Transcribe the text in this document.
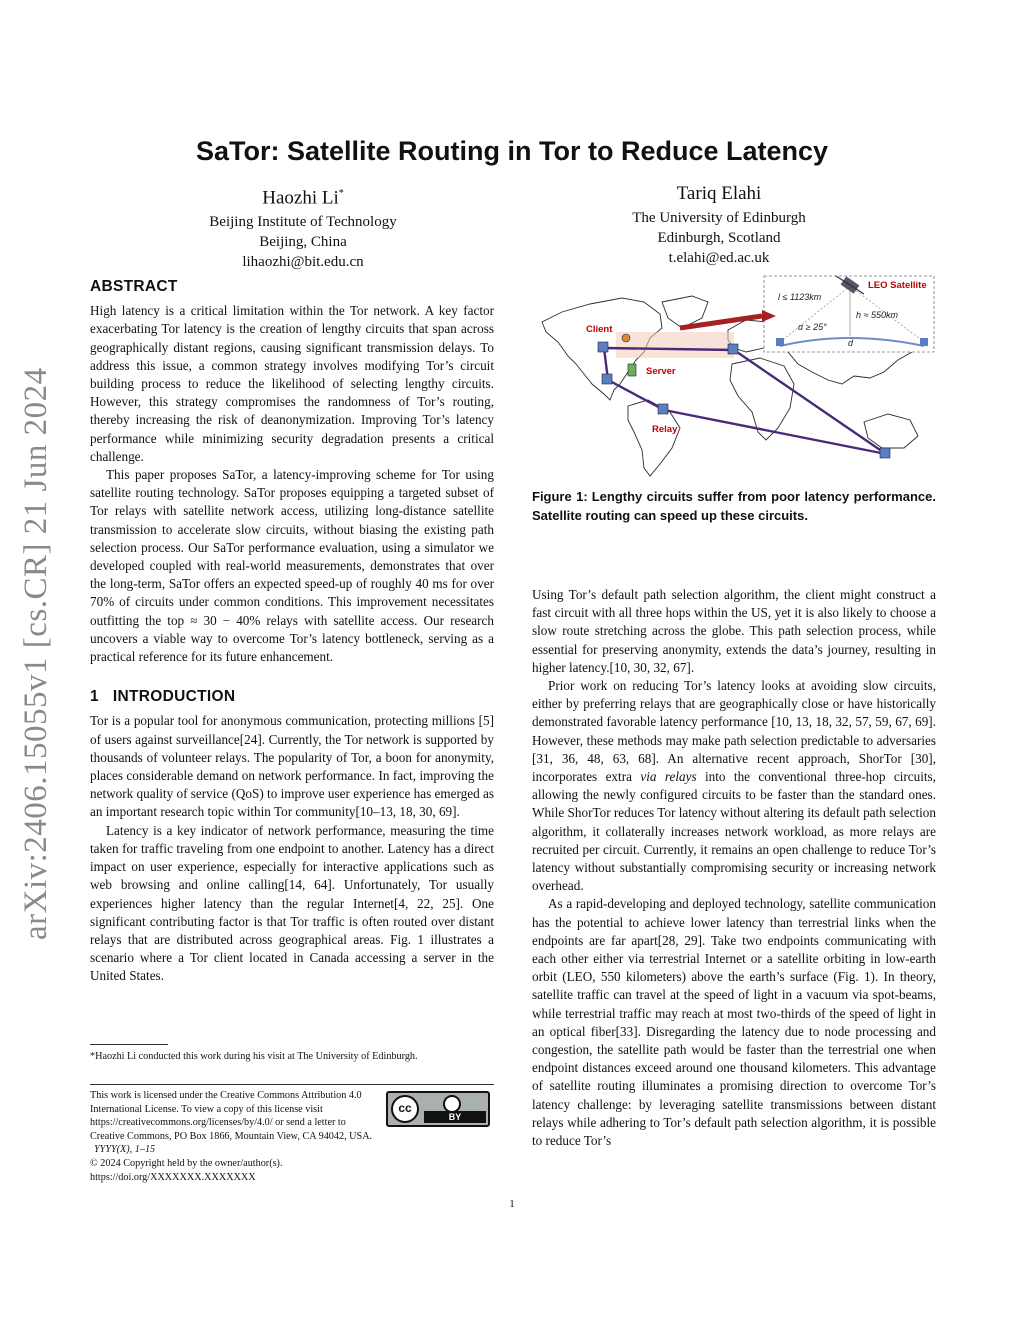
arXiv:2406.15055v1 [cs.CR] 21 Jun 2024
SaTor: Satellite Routing in Tor to Reduce Latency
Haozhi Li*
Beijing Institute of Technology
Beijing, China
lihaozhi@bit.edu.cn
Tariq Elahi
The University of Edinburgh
Edinburgh, Scotland
t.elahi@ed.ac.uk
ABSTRACT

High latency is a critical limitation within the Tor network. A key factor exacerbating Tor latency is the creation of lengthy circuits that span across geographically distant regions, causing significant transmission delays. To address this issue, a common strategy involves modifying Tor’s circuit building process to reduce the likelihood of selecting lengthy circuits. However, this strategy compromises the randomness of Tor’s routing, thereby increasing the risk of deanonymization. Improving Tor’s latency performance while minimizing security degradation presents a critical challenge.

This paper proposes SaTor, a latency-improving scheme for Tor using satellite routing technology. SaTor proposes equipping a targeted subset of Tor relays with satellite network access, utilizing long-distance satellite transmission to accelerate slow circuits, without biasing the existing path selection process. Our SaTor performance evaluation, using a simulator we developed coupled with real-world measurements, demonstrates that over the long-term, SaTor offers an expected speed-up of roughly 40 ms for over 70% of circuits under common conditions. This improvement necessitates outfitting the top ≈ 30 − 40% relays with satellite access. Our research uncovers a viable way to overcome Tor’s latency bottleneck, serving as a practical reference for its future enhancement.

1 INTRODUCTION

Tor is a popular tool for anonymous communication, protecting millions [5] of users against surveillance[24]. Currently, the Tor network is supported by thousands of volunteer relays. The popularity of Tor, a boon for anonymity, places considerable demand on network performance. In fact, improving the network quality of service (QoS) to improve user experience has emerged as an important research topic within Tor community[10–13, 18, 30, 69].

Latency is a key indicator of network performance, measuring the time taken for traffic traveling from one endpoint to another. Latency has a direct impact on user experience, especially for interactive applications such as web browsing and online calling[14, 64]. Unfortunately, Tor usually experiences higher latency than the regular Internet[4, 22, 25]. One significant contributing factor is that Tor traffic is often routed over distant relays that are distributed across geographical areas. Fig. 1 illustrates a scenario where a Tor client located in Canada accessing a server in the United States.

LEO Satellite
l ≤ 1123km
h ≈ 550km
α ≥ 25°
d
Client
Server
Relay
Figure 1: Lengthy circuits suffer from poor latency performance. Satellite routing can speed up these circuits.

Using Tor’s default path selection algorithm, the client might construct a fast circuit with all three hops within the US, yet it is also likely to choose a slow route stretching across the globe. This path selection process, while essential for preserving anonymity, extends the data’s journey, resulting in higher latency.[10, 30, 32, 67].

Prior work on reducing Tor’s latency looks at avoiding slow circuits, either by preferring relays that are geographically close or have historically demonstrated favorable latency performance [10, 13, 18, 32, 57, 59, 67, 69]. However, these methods may make path selection predictable to adversaries [31, 36, 48, 63, 68]. An alternative recent approach, ShorTor [30], incorporates extra via relays into the conventional three-hop circuits, allowing the newly configured circuits to be faster than the standard ones. While ShorTor reduces Tor latency without altering its default path selection algorithm, it collaterally increases network workload, as more relays are recruited per circuit. Currently, it remains an open challenge to reduce Tor’s latency without substantially compromising security or increasing network overhead.

As a rapid-developing and deployed technology, satellite communication has the potential to achieve lower latency than terrestrial links when the endpoints are far apart[28, 29]. Take two endpoints communicating with each other either via terrestrial Internet or a satellite orbiting in low-earth orbit (LEO, 550 kilometers) above the earth’s surface (Fig. 1). In theory, satellite traffic can travel at the speed of light in a vacuum via spot-beams, while terrestrial traffic may reach at most two-thirds of the speed of light in an optical fiber[33]. Disregarding the latency due to node processing and congestion, the satellite path would be faster than the terrestrial one when endpoint distances exceed around one thousand kilometers. This advantage of satellite routing illuminates a promising direction to overcome Tor’s latency challenge: by leveraging satellite transmissions between distant relays while adhering to Tor’s default path selection algorithm, it is possible to reduce Tor’s

*Haozhi Li conducted this work during his visit at The University of Edinburgh.
This work is licensed under the Creative Commons Attribution 4.0 International License. To view a copy of this license visit https://creativecommons.org/licenses/by/4.0/ or send a letter to Creative Commons, PO Box 1866, Mountain View, CA 94042, USA.
YYYY(X), 1–15
© 2024 Copyright held by the owner/author(s).
https://doi.org/XXXXXXX.XXXXXXX
cc
BY
1
